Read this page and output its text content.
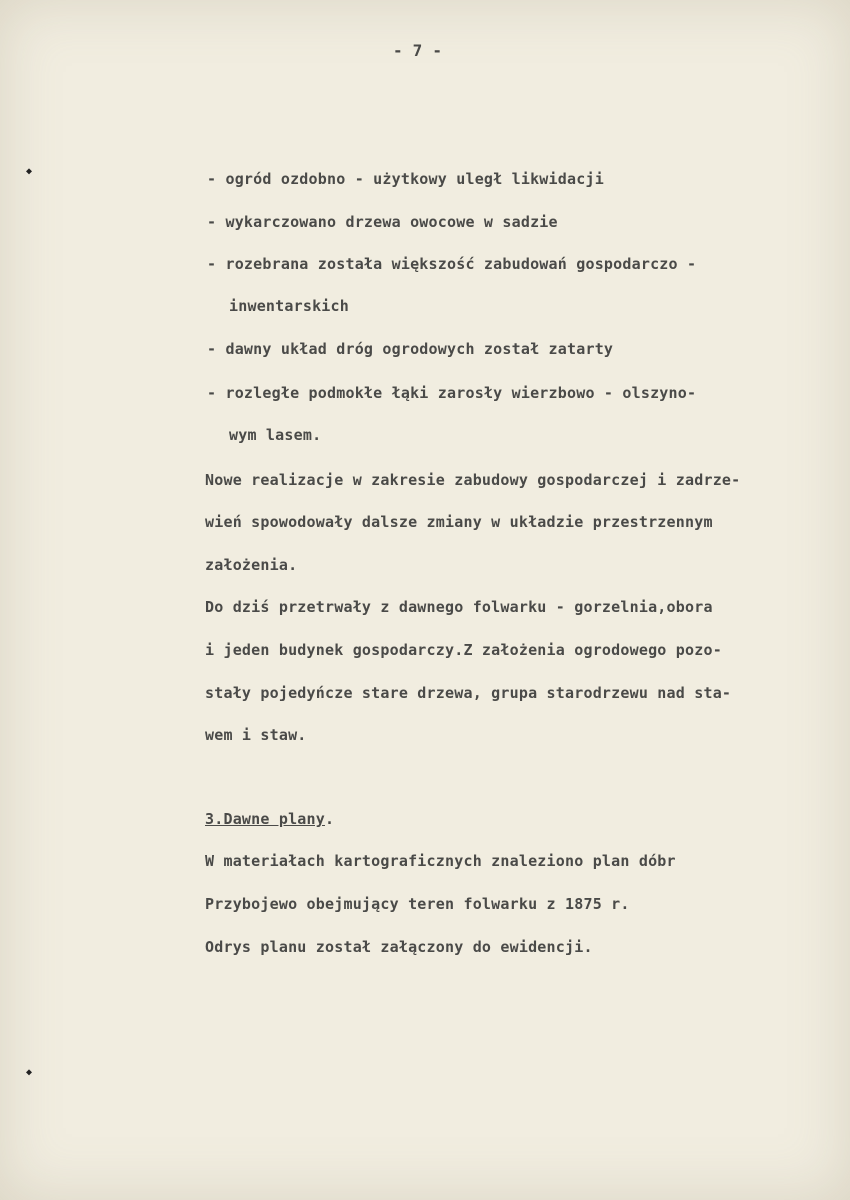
◆
◆
- 7 -
- ogród ozdobno - użytkowy uległ likwidacji
- wykarczowano drzewa owocowe w sadzie
- rozebrana została większość zabudowań gospodarczo -
inwentarskich
- dawny układ dróg ogrodowych został zatarty
- rozległe podmokłe łąki zarosły wierzbowo - olszyno-
wym lasem.
Nowe realizacje w zakresie zabudowy gospodarczej i zadrze-
wień spowodowały dalsze zmiany w układzie przestrzennym
założenia.
Do dziś przetrwały z dawnego folwarku - gorzelnia,obora
i jeden budynek gospodarczy.Z założenia ogrodowego pozo-
stały pojedyńcze stare drzewa, grupa starodrzewu nad sta-
wem i staw.
3.Dawne plany.
W materiałach kartograficznych znaleziono plan dóbr
Przybojewo obejmujący teren folwarku z 1875 r.
Odrys planu został załączony do ewidencji.
